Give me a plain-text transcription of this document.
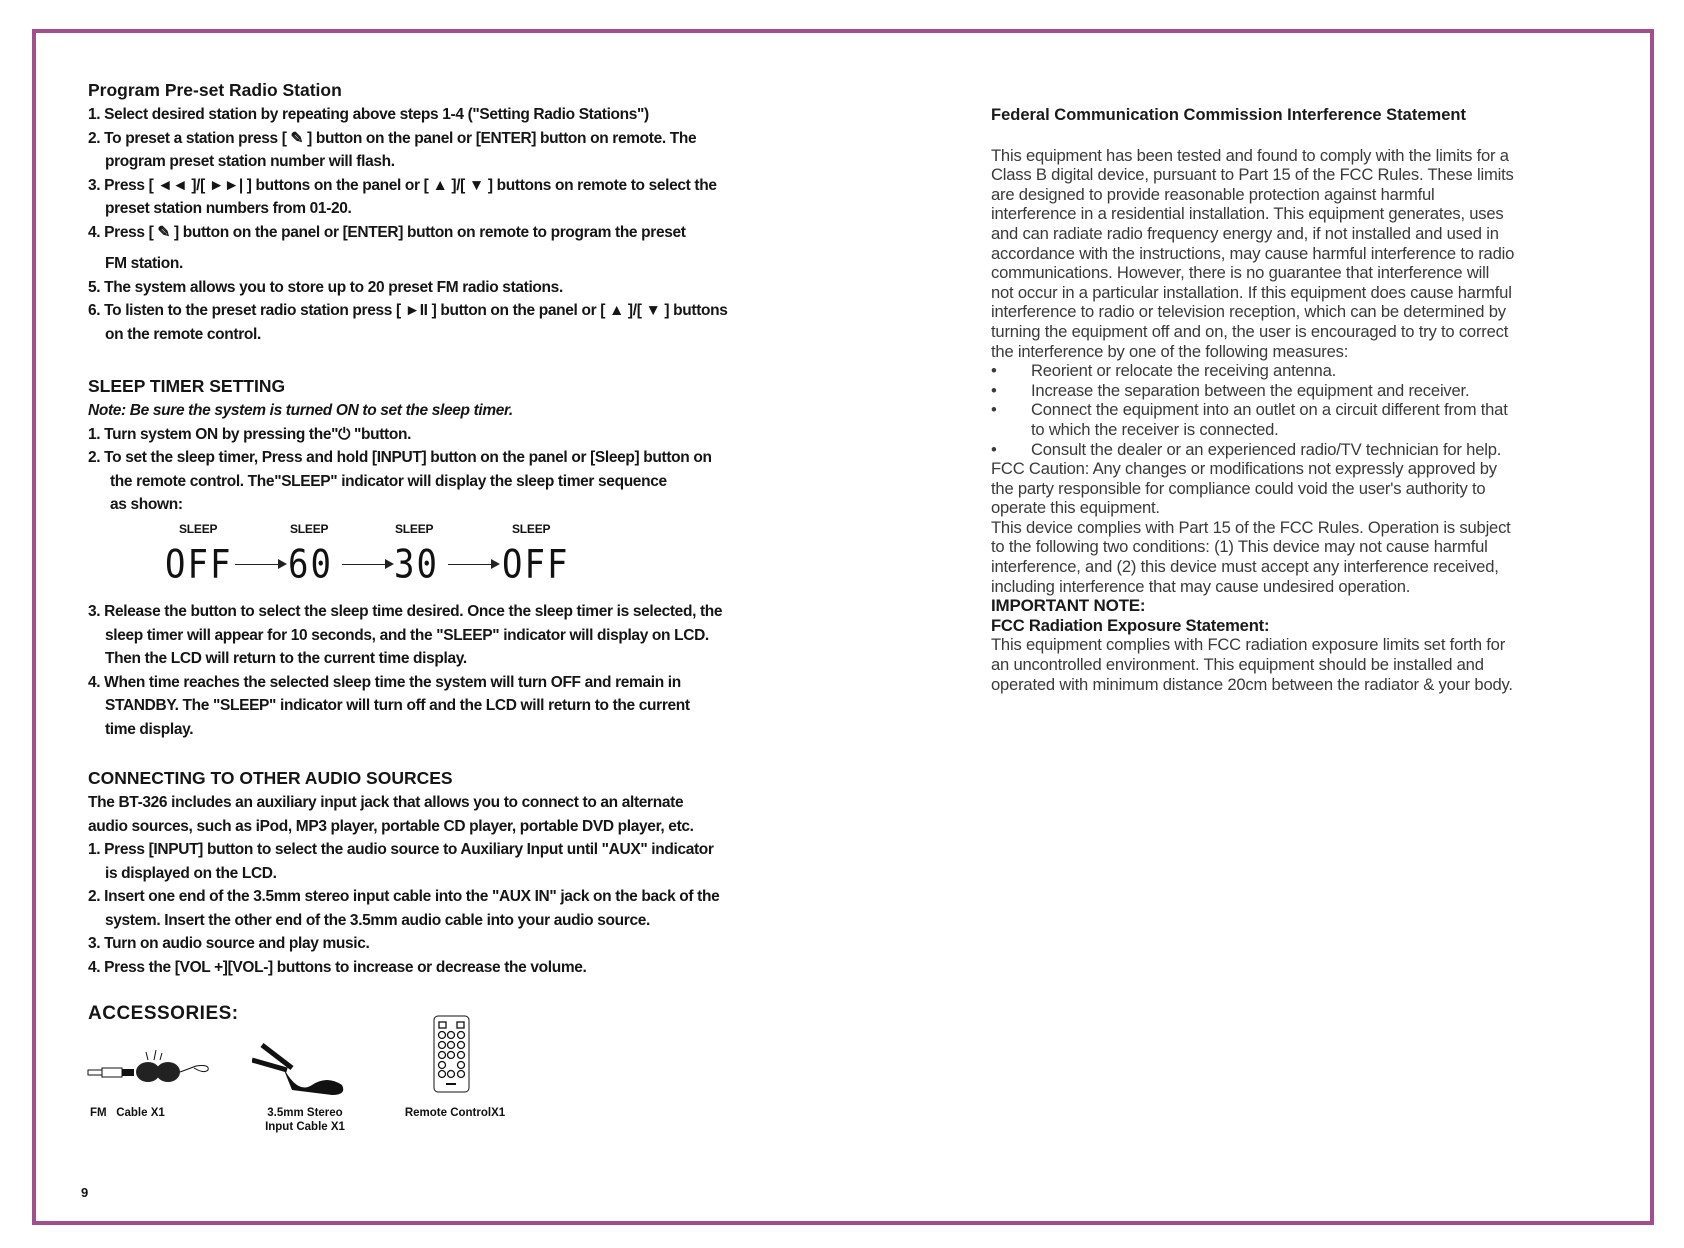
Program Pre-set Radio Station
1. Select desired station by repeating above steps 1-4 ("Setting Radio Stations")
2. To preset a station press [ ✎ ] button on the panel or [ENTER] button on remote. The
program preset station number will flash.
3. Press [ ◄◄ ]/[ ►►| ] buttons on the panel or [ ▲ ]/[ ▼ ] buttons on remote to select the
preset station numbers from 01-20.
4. Press [ ✎ ] button on the panel or [ENTER] button on remote to program the preset
FM station.
5. The system allows you to store up to 20 preset FM radio stations.
6. To listen to the preset radio station press [ ►II ] button on the panel or [ ▲ ]/[ ▼ ] buttons
on the remote control.
SLEEP TIMER SETTING
Note: Be sure the system is turned ON to set the sleep timer.
1. Turn system ON by pressing the"⏻ "button.
2. To set the sleep timer, Press and hold [INPUT] button on the panel or [Sleep] button on
the remote control. The"SLEEP" indicator will display the sleep timer sequence
as shown:
SLEEP	SLEEP	SLEEP	SLEEP
OFF 60 30 OFF
3. Release the button to select the sleep time desired. Once the sleep timer is selected, the
sleep timer will appear for 10 seconds, and the "SLEEP" indicator will display on LCD.
Then the LCD will return to the current time display.
4. When time reaches the selected sleep time the system will turn OFF and remain in
STANDBY. The "SLEEP" indicator will turn off and the LCD will return to the current
time display.
CONNECTING TO OTHER AUDIO SOURCES
The BT-326 includes an auxiliary input jack that allows you to connect to an alternate
audio sources, such as iPod, MP3 player, portable CD player, portable DVD player, etc.
1. Press [INPUT] button to select the audio source to Auxiliary Input until "AUX" indicator
is displayed on the LCD.
2. Insert one end of the 3.5mm stereo input cable into the "AUX IN" jack on the back of the
system. Insert the other end of the 3.5mm audio cable into your audio source.
3. Turn on audio source and play music.
4. Press the [VOL +][VOL-] buttons to increase or decrease the volume.
ACCESSORIES:
FM   Cable X1	3.5mm Stereo
Input Cable X1
Remote ControlX1
9
Federal Communication Commission Interference Statement
This equipment has been tested and found to comply with the limits for a
Class B digital device, pursuant to Part 15 of the FCC Rules. These limits
are designed to provide reasonable protection against harmful
interference in a residential installation. This equipment generates, uses
and can radiate radio frequency energy and, if not installed and used in
accordance with the instructions, may cause harmful interference to radio
communications. However, there is no guarantee that interference will
not occur in a particular installation. If this equipment does cause harmful
interference to radio or television reception, which can be determined by
turning the equipment off and on, the user is encouraged to try to correct
the interference by one of the following measures:
• Reorient or relocate the receiving antenna.
• Increase the separation between the equipment and receiver.
• Connect the equipment into an outlet on a circuit different from that
to which the receiver is connected.
• Consult the dealer or an experienced radio/TV technician for help.
FCC Caution: Any changes or modifications not expressly approved by
the party responsible for compliance could void the user's authority to
operate this equipment.
This device complies with Part 15 of the FCC Rules. Operation is subject
to the following two conditions: (1) This device may not cause harmful
interference, and (2) this device must accept any interference received,
including interference that may cause undesired operation.
IMPORTANT NOTE:
FCC Radiation Exposure Statement:
This equipment complies with FCC radiation exposure limits set forth for
an uncontrolled environment. This equipment should be installed and
operated with minimum distance 20cm between the radiator & your body.
